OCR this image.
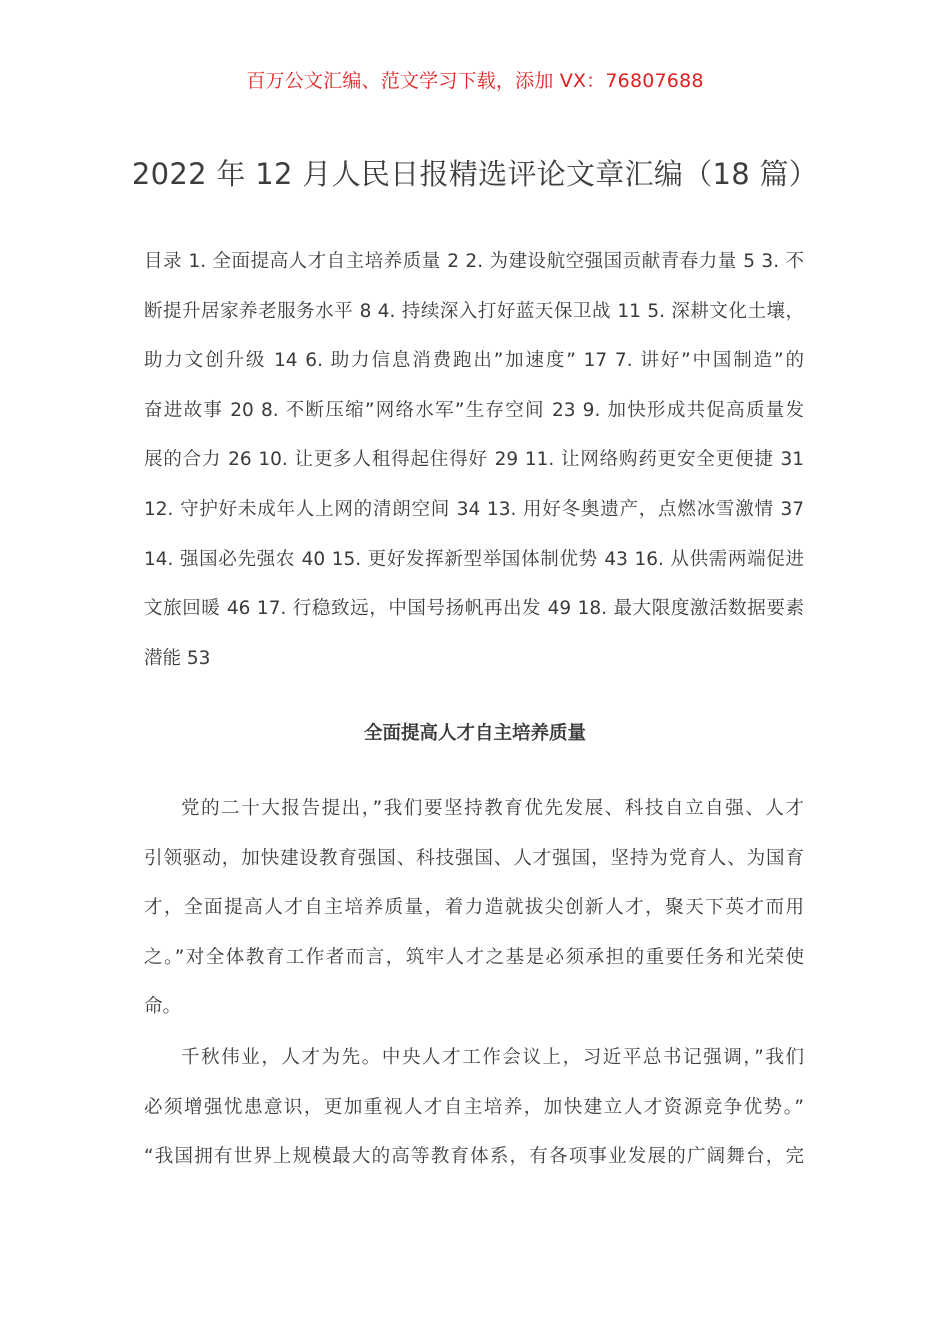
百万公文汇编、范文学习下载，添加 VX：76807688
2022 年 12 月人民日报精选评论文章汇编（18 篇）
目录 1. 全面提高人才自主培养质量 2 2. 为建设航空强国贡献青春力量 5 3. 不
断提升居家养老服务水平 8 4. 持续深入打好蓝天保卫战 11 5. 深耕文化土壤，
助力文创升级 14 6. 助力信息消费跑出”加速度” 17 7. 讲好”中国制造”的
奋进故事 20 8. 不断压缩”网络水军”生存空间 23 9. 加快形成共促高质量发
展的合力 26 10. 让更多人租得起住得好 29 11. 让网络购药更安全更便捷 31
12. 守护好未成年人上网的清朗空间 34 13. 用好冬奥遗产，点燃冰雪激情 37
14. 强国必先强农 40 15. 更好发挥新型举国体制优势 43 16. 从供需两端促进
文旅回暖 46 17. 行稳致远，中国号扬帆再出发 49 18. 最大限度激活数据要素
潜能 53
全面提高人才自主培养质量
党的二十大报告提出，”我们要坚持教育优先发展、科技自立自强、人才
引领驱动，加快建设教育强国、科技强国、人才强国，坚持为党育人、为国育
才，全面提高人才自主培养质量，着力造就拔尖创新人才，聚天下英才而用
之。”对全体教育工作者而言，筑牢人才之基是必须承担的重要任务和光荣使
命。
千秋伟业，人才为先。中央人才工作会议上，习近平总书记强调，”我们
必须增强忧患意识，更加重视人才自主培养，加快建立人才资源竞争优势。”
“我国拥有世界上规模最大的高等教育体系，有各项事业发展的广阔舞台，完
